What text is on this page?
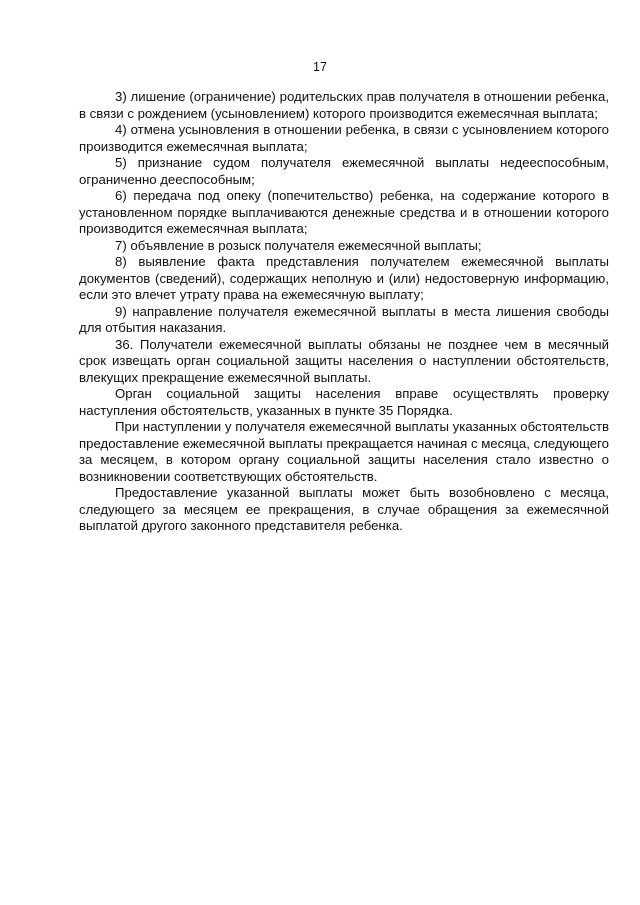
17

3) лишение (ограничение) родительских прав получателя в отношении ребенка, в связи с рождением (усыновлением) которого производится ежемесячная выплата;

4) отмена усыновления в отношении ребенка, в связи с усыновлением которого производится ежемесячная выплата;

5) признание судом получателя ежемесячной выплаты недееспособным, ограниченно дееспособным;

6) передача под опеку (попечительство) ребенка, на содержание которого в установленном порядке выплачиваются денежные средства и в отношении которого производится ежемесячная выплата;

7) объявление в розыск получателя ежемесячной выплаты;

8) выявление факта представления получателем ежемесячной выплаты документов (сведений), содержащих неполную и (или) недостоверную информацию, если это влечет утрату права на ежемесячную выплату;

9) направление получателя ежемесячной выплаты в места лишения свободы для отбытия наказания.

36. Получатели ежемесячной выплаты обязаны не позднее чем в месячный срок извещать орган социальной защиты населения о наступлении обстоятельств, влекущих прекращение ежемесячной выплаты.

Орган социальной защиты населения вправе осуществлять проверку наступления обстоятельств, указанных в пункте 35 Порядка.

При наступлении у получателя ежемесячной выплаты указанных обстоятельств предоставление ежемесячной выплаты прекращается начиная с месяца, следующего за месяцем, в котором органу социальной защиты населения стало известно о возникновении соответствующих обстоятельств.

Предоставление указанной выплаты может быть возобновлено с месяца, следующего за месяцем ее прекращения, в случае обращения за ежемесячной выплатой другого законного представителя ребенка.
